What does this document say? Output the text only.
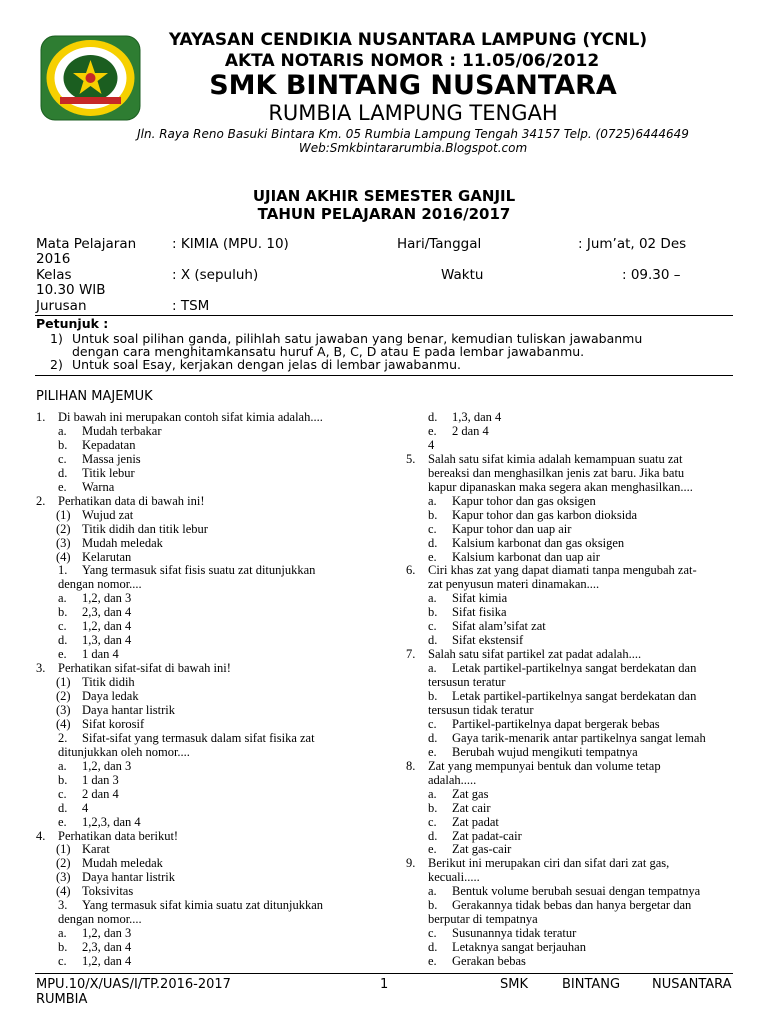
YAYASAN CENDIKIA NUSANTARA LAMPUNG (YCNL)
AKTA NOTARIS NOMOR : 11.05/06/2012
SMK BINTANG NUSANTARA
RUMBIA LAMPUNG TENGAH
Jln. Raya Reno Basuki Bintara Km. 05 Rumbia Lampung Tengah 34157 Telp. (0725)6444649
Web:Smkbintararumbia.Blogspot.com
UJIAN AKHIR SEMESTER GANJIL
TAHUN PELAJARAN 2016/2017
Mata Pelajaran	: KIMIA (MPU. 10)	Hari/Tanggal	: Jum’at, 02 Des
2016
Kelas	: X (sepuluh)	Waktu	: 09.30 –
10.30 WIB
Jurusan	: TSM
Petunjuk :
1) Untuk soal pilihan ganda, pilihlah satu jawaban yang benar, kemudian tuliskan jawabanmu
dengan cara menghitamkansatu huruf A, B, C, D atau E pada lembar jawabanmu.
2) Untuk soal Esay, kerjakan dengan jelas di lembar jawabanmu.
PILIHAN MAJEMUK
1. Di bawah ini merupakan contoh sifat kimia adalah....
a. Mudah terbakar
b. Kepadatan
c. Massa jenis
d. Titik lebur
e. Warna
2. Perhatikan data di bawah ini!
(1) Wujud zat
(2) Titik didih dan titik lebur
(3) Mudah meledak
(4) Kelarutan
1. Yang termasuk sifat fisis suatu zat ditunjukkan
dengan nomor....
a. 1,2, dan 3
b. 2,3, dan 4
c. 1,2, dan 4
d. 1,3, dan 4
e. 1 dan 4
3. Perhatikan sifat-sifat di bawah ini!
(1) Titik didih
(2) Daya ledak
(3) Daya hantar listrik
(4) Sifat korosif
2. Sifat-sifat yang termasuk dalam sifat fisika zat
ditunjukkan oleh nomor....
a. 1,2, dan 3
b. 1 dan 3
c. 2 dan 4
d. 4
e. 1,2,3, dan 4
4. Perhatikan data berikut!
(1) Karat
(2) Mudah meledak
(3) Daya hantar listrik
(4) Toksivitas
3. Yang termasuk sifat kimia suatu zat ditunjukkan
dengan nomor....
a. 1,2, dan 3
b. 2,3, dan 4
c. 1,2, dan 4
d. 1,3, dan 4
e. 2 dan 4
4
5. Salah satu sifat kimia adalah kemampuan suatu zat
bereaksi dan menghasilkan jenis zat baru. Jika batu
kapur dipanaskan maka segera akan menghasilkan....
a. Kapur tohor dan gas oksigen
b. Kapur tohor dan gas karbon dioksida
c. Kapur tohor dan uap air
d. Kalsium karbonat dan gas oksigen
e. Kalsium karbonat dan uap air
6. Ciri khas zat yang dapat diamati tanpa mengubah zat-
zat penyusun materi dinamakan....
a. Sifat kimia
b. Sifat fisika
c. Sifat alam’sifat zat
d. Sifat ekstensif
7. Salah satu sifat partikel zat padat adalah....
a. Letak partikel-partikelnya sangat berdekatan dan
tersusun teratur
b. Letak partikel-partikelnya sangat berdekatan dan
tersusun tidak teratur
c. Partikel-partikelnya dapat bergerak bebas
d. Gaya tarik-menarik antar partikelnya sangat lemah
e. Berubah wujud mengikuti tempatnya
8. Zat yang mempunyai bentuk dan volume tetap
adalah.....
a. Zat gas
b. Zat cair
c. Zat padat
d. Zat padat-cair
e. Zat gas-cair
9. Berikut ini merupakan ciri dan sifat dari zat gas,
kecuali.....
a. Bentuk volume berubah sesuai dengan tempatnya
b. Gerakannya tidak bebas dan hanya bergetar dan
berputar di tempatnya
c. Susunannya tidak teratur
d. Letaknya sangat berjauhan
e. Gerakan bebas
MPU.10/X/UAS/I/TP.2016-2017
RUMBIA
1	SMK	BINTANG NUSANTARA
